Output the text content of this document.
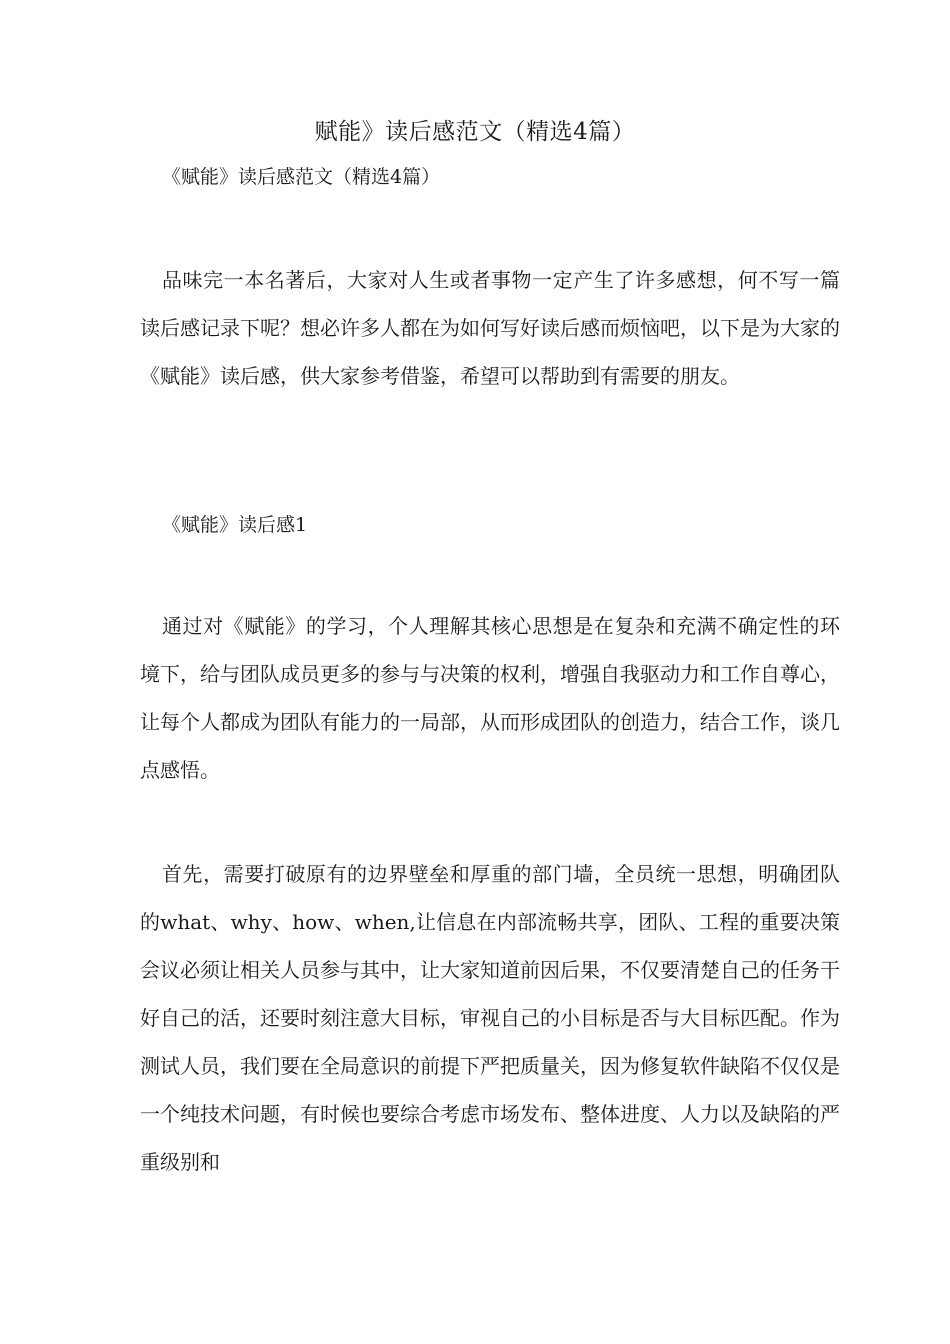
赋能》读后感范文（精选4篇）
《赋能》读后感范文（精选4篇）

品味完一本名著后，大家对人生或者事物一定产生了许多感想，何不写一篇读后感记录下呢？想必许多人都在为如何写好读后感而烦恼吧，以下是为大家的《赋能》读后感，供大家参考借鉴，希望可以帮助到有需要的朋友。

《赋能》读后感1

通过对《赋能》的学习，个人理解其核心思想是在复杂和充满不确定性的环境下，给与团队成员更多的参与与决策的权利，增强自我驱动力和工作自尊心，让每个人都成为团队有能力的一局部，从而形成团队的创造力，结合工作，谈几点感悟。

首先，需要打破原有的边界壁垒和厚重的部门墙，全员统一思想，明确团队的what、why、how、when,让信息在内部流畅共享，团队、工程的重要决策会议必须让相关人员参与其中，让大家知道前因后果，不仅要清楚自己的任务干好自己的活，还要时刻注意大目标，审视自己的小目标是否与大目标匹配。作为测试人员，我们要在全局意识的前提下严把质量关，因为修复软件缺陷不仅仅是一个纯技术问题，有时候也要综合考虑市场发布、整体进度、人力以及缺陷的严重级别和
